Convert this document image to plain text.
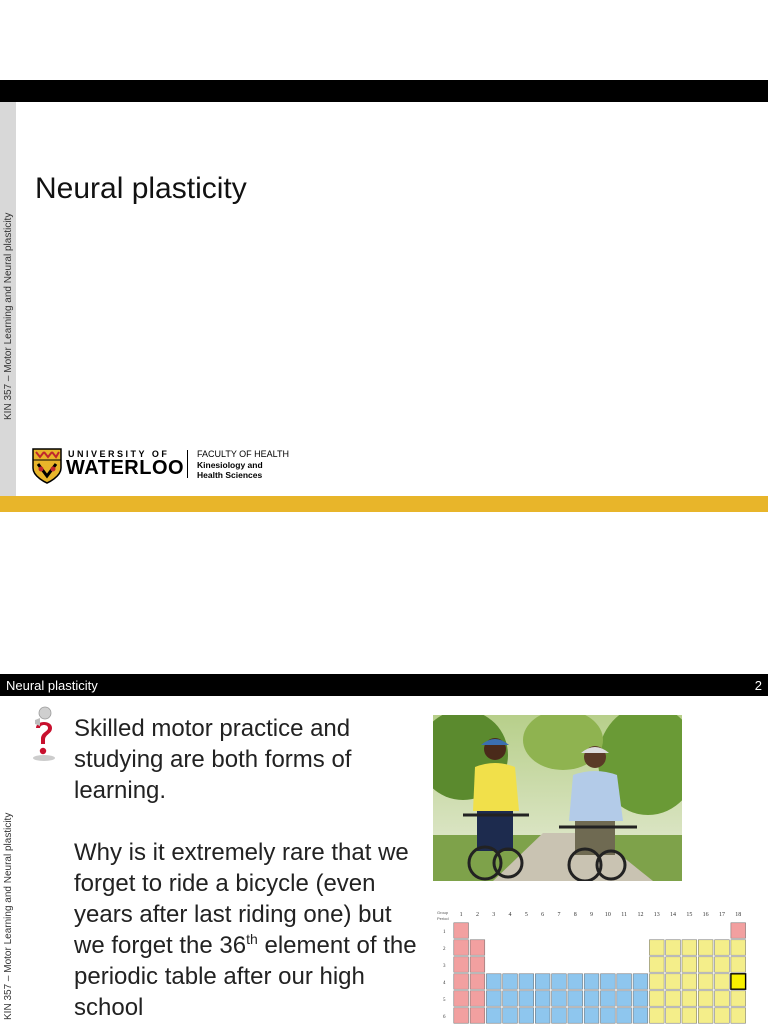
KIN 357 – Motor Learning and Neural plasticity
Neural plasticity
UNIVERSITY OF
WATERLOO
FACULTY OF HEALTH
Kinesiology and
Health Sciences
Neural plasticity	2
KIN 357 – Motor Learning and Neural plasticity

Skilled motor practice and studying are both forms of learning.

Why is it extremely rare that we forget to ride a bicycle (even years after last riding one) but we forget the 36th element of the periodic table after our high school

Group
Period
1 2 3 4 5 6 7 8 9 10 11 12 13 14 15 16 17 18
1
2
3
4
5
6
